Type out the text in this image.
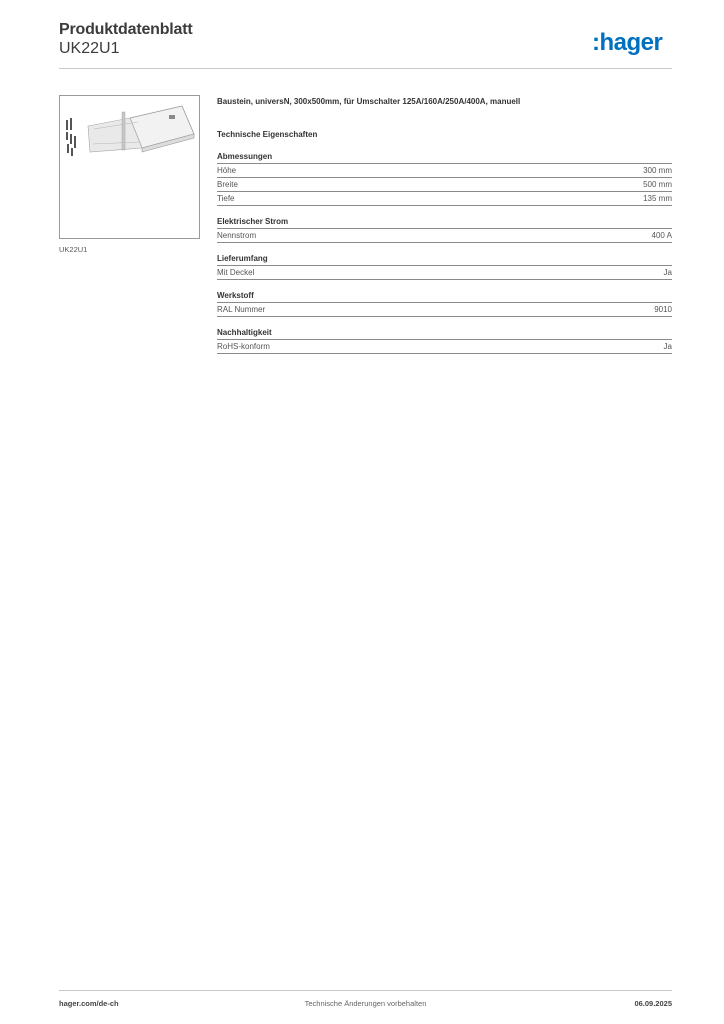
Produktdatenblatt
UK22U1	:hager
UK22U1
Baustein, universN, 300x500mm, für Umschalter 125A/160A/250A/400A, manuell
Technische Eigenschaften
Abmessungen
Höhe	300 mm
Breite	500 mm
Tiefe	135 mm
Elektrischer Strom
Nennstrom	400 A
Lieferumfang
Mit Deckel	Ja
Werkstoff
RAL Nummer	9010
Nachhaltigkeit
RoHS-konform	Ja
hager.com/de-ch	Technische Änderungen vorbehalten	06.09.2025
